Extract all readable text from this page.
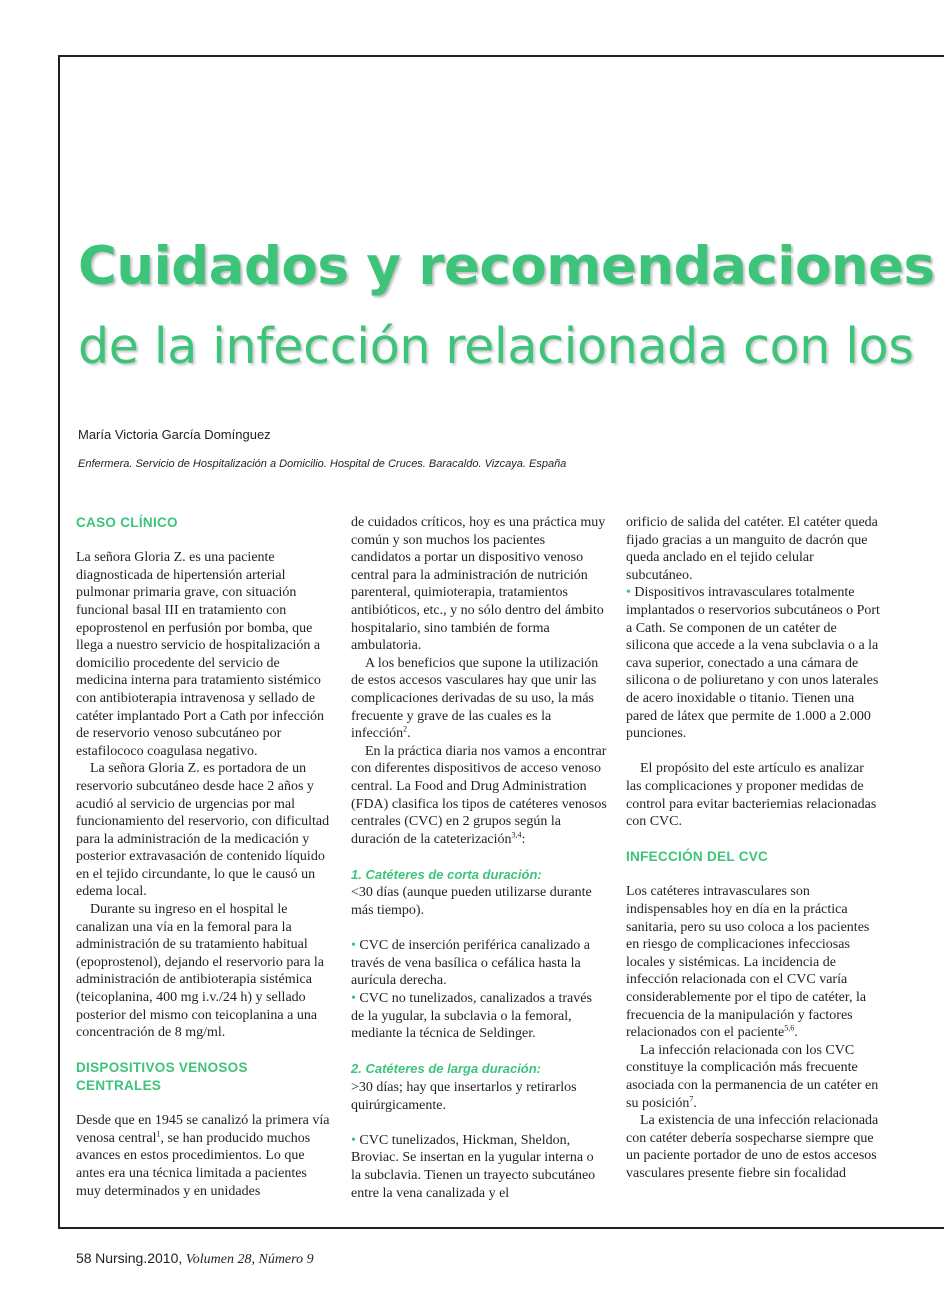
Cuidados y recomendaciones
de la infección relacionada con los
María Victoria García Domínguez
Enfermera. Servicio de Hospitalización a Domicilio. Hospital de Cruces. Baracaldo. Vizcaya. España

CASO CLÍNICO

La señora Gloria Z. es una paciente diagnosticada de hipertensión arterial pulmonar primaria grave, con situación funcional basal III en tratamiento con epoprostenol en perfusión por bomba, que llega a nuestro servicio de hospitalización a domicilio procedente del servicio de medicina interna para tratamiento sistémico con antibioterapia intravenosa y sellado de catéter implantado Port a Cath por infección de reservorio venoso subcutáneo por estafilococo coagulasa negativo.

La señora Gloria Z. es portadora de un reservorio subcutáneo desde hace 2 años y acudió al servicio de urgencias por mal funcionamiento del reservorio, con dificultad para la administración de la medicación y posterior extravasación de contenido líquido en el tejido circundante, lo que le causó un edema local.

Durante su ingreso en el hospital le canalizan una vía en la femoral para la administración de su tratamiento habitual (epoprostenol), dejando el reservorio para la administración de antibioterapia sistémica (teicoplanina, 400 mg i.v./24 h) y sellado posterior del mismo con teicoplanina a una concentración de 8 mg/ml.

DISPOSITIVOS VENOSOS CENTRALES

Desde que en 1945 se canalizó la primera vía venosa central$^1$, se han producido muchos avances en estos procedimientos. Lo que antes era una técnica limitada a pacientes muy determinados y en unidades

de cuidados críticos, hoy es una práctica muy común y son muchos los pacientes candidatos a portar un dispositivo venoso central para la administración de nutrición parenteral, quimioterapia, tratamientos antibióticos, etc., y no sólo dentro del ámbito hospitalario, sino también de forma ambulatoria.

A los beneficios que supone la utilización de estos accesos vasculares hay que unir las complicaciones derivadas de su uso, la más frecuente y grave de las cuales es la infección$^2$.

En la práctica diaria nos vamos a encontrar con diferentes dispositivos de acceso venoso central. La Food and Drug Administration (FDA) clasifica los tipos de catéteres venosos centrales (CVC) en 2 grupos según la duración de la cateterización$^{3,4}$:

1. Catéteres de corta duración:

<30 días (aunque pueden utilizarse durante más tiempo).

• CVC de inserción periférica canalizado a través de vena basílica o cefálica hasta la aurícula derecha.

• CVC no tunelizados, canalizados a través de la yugular, la subclavia o la femoral, mediante la técnica de Seldinger.

2. Catéteres de larga duración:

>30 días; hay que insertarlos y retirarlos quirúrgicamente.

• CVC tunelizados, Hickman, Sheldon, Broviac. Se insertan en la yugular interna o la subclavia. Tienen un trayecto subcutáneo entre la vena canalizada y el

orificio de salida del catéter. El catéter queda fijado gracias a un manguito de dacrón que queda anclado en el tejido celular subcutáneo.

• Dispositivos intravasculares totalmente implantados o reservorios subcutáneos o Port a Cath. Se componen de un catéter de silicona que accede a la vena subclavia o a la cava superior, conectado a una cámara de silicona o de poliuretano y con unos laterales de acero inoxidable o titanio. Tienen una pared de látex que permite de 1.000 a 2.000 punciones.

El propósito del este artículo es analizar las complicaciones y proponer medidas de control para evitar bacteriemias relacionadas con CVC.

INFECCIÓN DEL CVC

Los catéteres intravasculares son indispensables hoy en día en la práctica sanitaria, pero su uso coloca a los pacientes en riesgo de complicaciones infecciosas locales y sistémicas. La incidencia de infección relacionada con el CVC varía considerablemente por el tipo de catéter, la frecuencia de la manipulación y factores relacionados con el paciente$^{5,6}$.

La infección relacionada con los CVC constituye la complicación más frecuente asociada con la permanencia de un catéter en su posición$^7$.

La existencia de una infección relacionada con catéter debería sospecharse siempre que un paciente portador de uno de estos accesos vasculares presente fiebre sin focalidad

58 Nursing.2010, Volumen 28, Número 9
